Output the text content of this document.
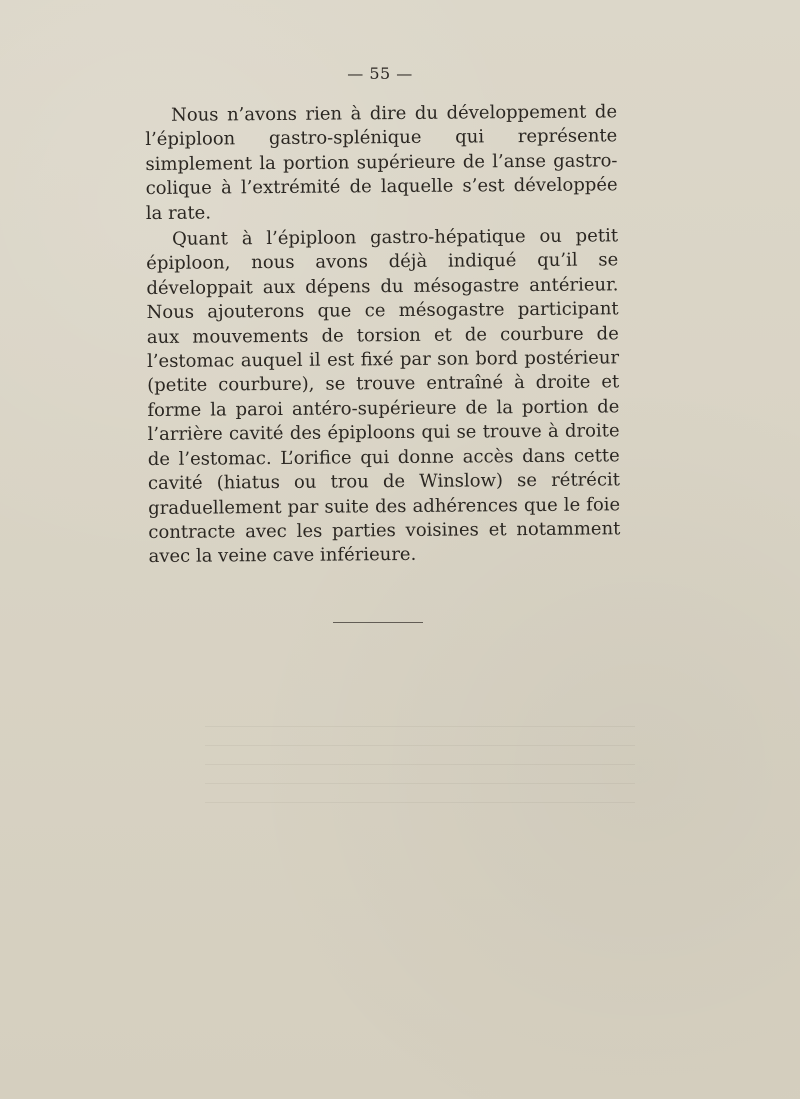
— 55 —

Nous n’avons rien à dire du développement de l’épiploon gastro-splénique qui représente simplement la portion supérieure de l’anse gastro-colique à l’extrémité de laquelle s’est développée la rate.

Quant à l’épiploon gastro-hépatique ou petit épiploon, nous avons déjà indiqué qu’il se développait aux dépens du mésogastre antérieur. Nous ajouterons que ce mésogastre participant aux mouvements de torsion et de courbure de l’estomac auquel il est fixé par son bord postérieur (petite courbure), se trouve entraîné à droite et forme la paroi antéro-supérieure de la portion de l’arrière cavité des épiploons qui se trouve à droite de l’estomac. L’orifice qui donne accès dans cette cavité (hiatus ou trou de Winslow) se rétrécit graduellement par suite des adhérences que le foie contracte avec les parties voisines et notamment avec la veine cave inférieure.
